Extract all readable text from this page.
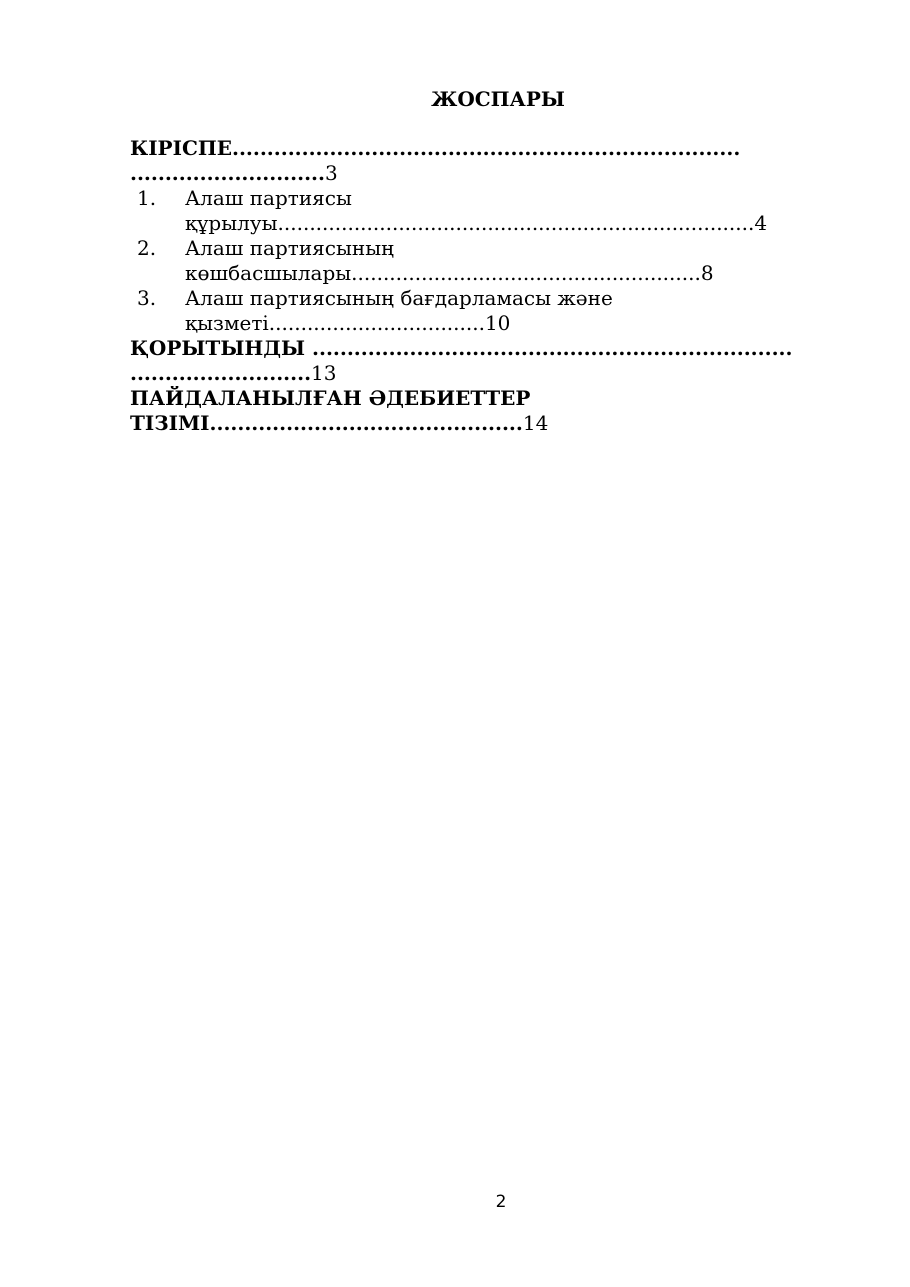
ЖОСПАРЫ
КІРІСПЕ.........................................................................
............................3
1. Алаш партиясы
құрылуы...........................................................................4
2. Алаш партиясының
көшбасшылары.......................................................8
3. Алаш партиясының бағдарламасы және
қызметі..................................10
ҚОРЫТЫНДЫ .....................................................................
..........................13
ПАЙДАЛАНЫЛҒАН ӘДЕБИЕТТЕР
ТІЗІМІ.............................................14
2
